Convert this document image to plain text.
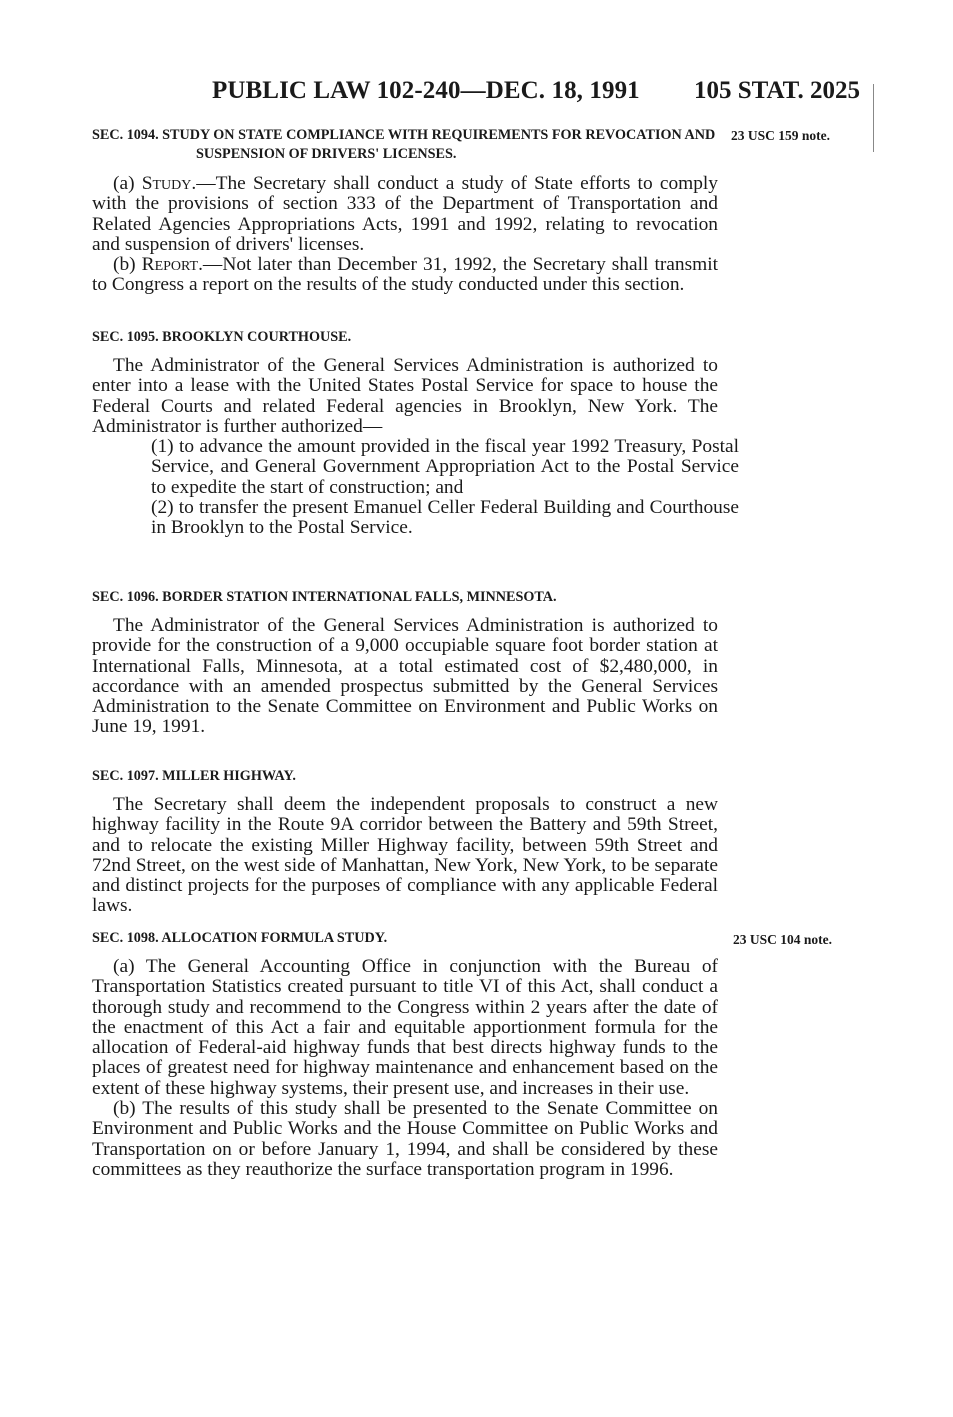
PUBLIC LAW 102-240—DEC. 18, 1991 105 STAT. 2025
23 USC 159 note.
23 USC 104 note.

SEC. 1094. STUDY ON STATE COMPLIANCE WITH REQUIREMENTS FOR REVOCATION AND SUSPENSION OF DRIVERS' LICENSES.

(a) Study.—The Secretary shall conduct a study of State efforts to comply with the provisions of section 333 of the Department of Transportation and Related Agencies Appropriations Acts, 1991 and 1992, relating to revocation and suspension of drivers' licenses.

(b) Report.—Not later than December 31, 1992, the Secretary shall transmit to Congress a report on the results of the study conducted under this section.

SEC. 1095. BROOKLYN COURTHOUSE.

The Administrator of the General Services Administration is authorized to enter into a lease with the United States Postal Service for space to house the Federal Courts and related Federal agencies in Brooklyn, New York. The Administrator is further authorized—

(1) to advance the amount provided in the fiscal year 1992 Treasury, Postal Service, and General Government Appropriation Act to the Postal Service to expedite the start of construction; and

(2) to transfer the present Emanuel Celler Federal Building and Courthouse in Brooklyn to the Postal Service.

SEC. 1096. BORDER STATION INTERNATIONAL FALLS, MINNESOTA.

The Administrator of the General Services Administration is authorized to provide for the construction of a 9,000 occupiable square foot border station at International Falls, Minnesota, at a total estimated cost of $2,480,000, in accordance with an amended prospectus submitted by the General Services Administration to the Senate Committee on Environment and Public Works on June 19, 1991.

SEC. 1097. MILLER HIGHWAY.

The Secretary shall deem the independent proposals to construct a new highway facility in the Route 9A corridor between the Battery and 59th Street, and to relocate the existing Miller Highway facility, between 59th Street and 72nd Street, on the west side of Manhattan, New York, New York, to be separate and distinct projects for the purposes of compliance with any applicable Federal laws.

SEC. 1098. ALLOCATION FORMULA STUDY.

(a) The General Accounting Office in conjunction with the Bureau of Transportation Statistics created pursuant to title VI of this Act, shall conduct a thorough study and recommend to the Congress within 2 years after the date of the enactment of this Act a fair and equitable apportionment formula for the allocation of Federal-aid highway funds that best directs highway funds to the places of greatest need for highway maintenance and enhancement based on the extent of these highway systems, their present use, and increases in their use.

(b) The results of this study shall be presented to the Senate Committee on Environment and Public Works and the House Committee on Public Works and Transportation on or before January 1, 1994, and shall be considered by these committees as they reauthorize the surface transportation program in 1996.
